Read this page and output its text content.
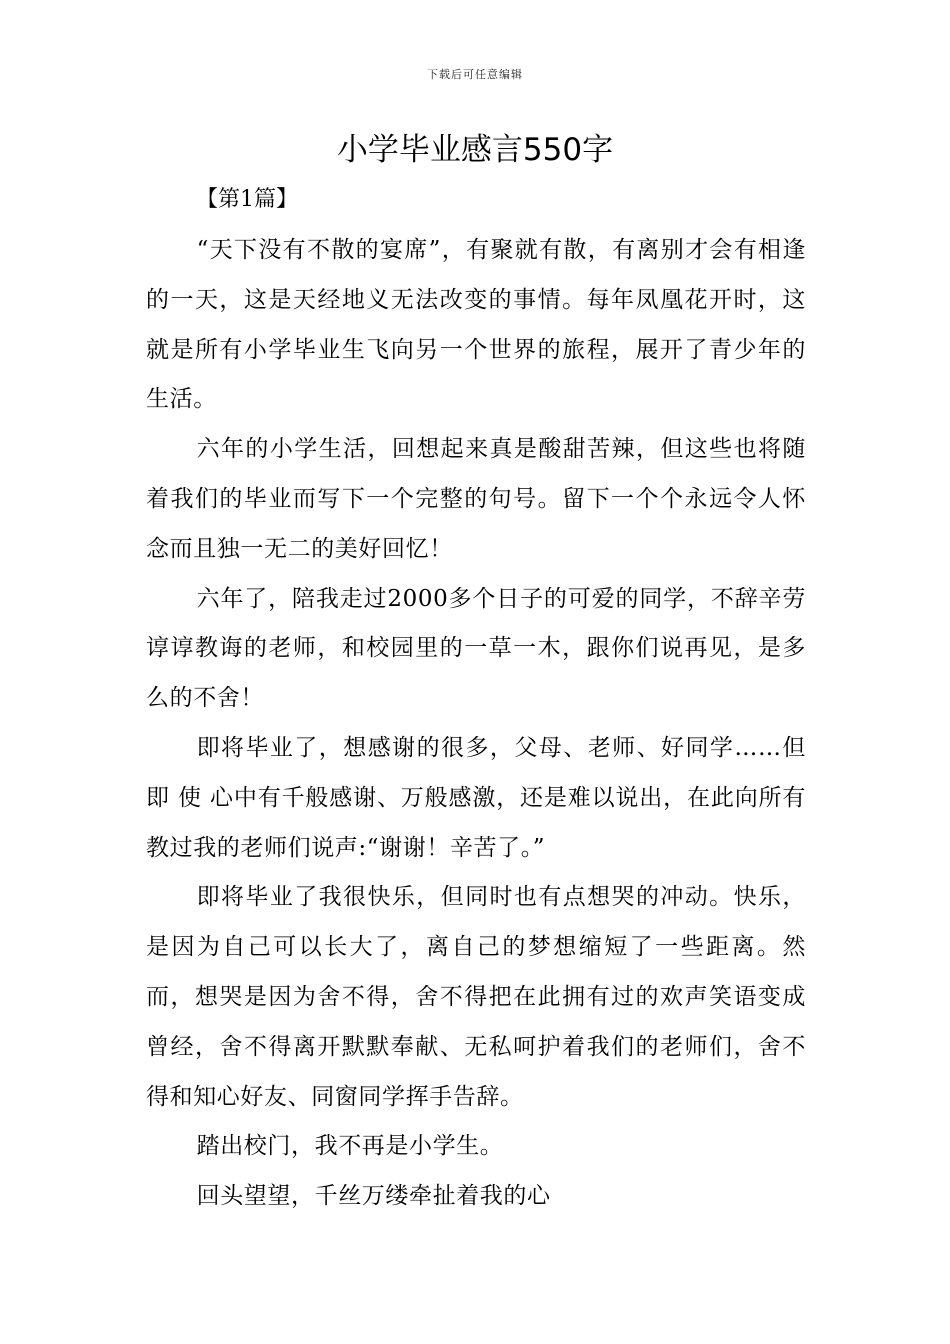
下载后可任意编辑
小学毕业感言550字
【第1篇】

“天下没有不散的宴席”，有聚就有散，有离别才会有相逢的一天，这是天经地义无法改变的事情。每年凤凰花开时，这就是所有小学毕业生飞向另一个世界的旅程，展开了青少年的生活。

六年的小学生活，回想起来真是酸甜苦辣，但这些也将随着我们的毕业而写下一个完整的句号。留下一个个永远令人怀念而且独一无二的美好回忆！

六年了，陪我走过2000多个日子的可爱的同学，不辞辛劳谆谆教诲的老师，和校园里的一草一木，跟你们说再见，是多么的不舍！

即将毕业了，想感谢的很多，父母、老师、好同学……但即 使 心中有千般感谢、万般感激，还是难以说出，在此向所有教过我的老师们说声:“谢谢！辛苦了。”

即将毕业了我很快乐，但同时也有点想哭的冲动。快乐，是因为自己可以长大了，离自己的梦想缩短了一些距离。然而，想哭是因为舍不得，舍不得把在此拥有过的欢声笑语变成曾经，舍不得离开默默奉献、无私呵护着我们的老师们，舍不得和知心好友、同窗同学挥手告辞。

踏出校门，我不再是小学生。

回头望望，千丝万缕牵扯着我的心
